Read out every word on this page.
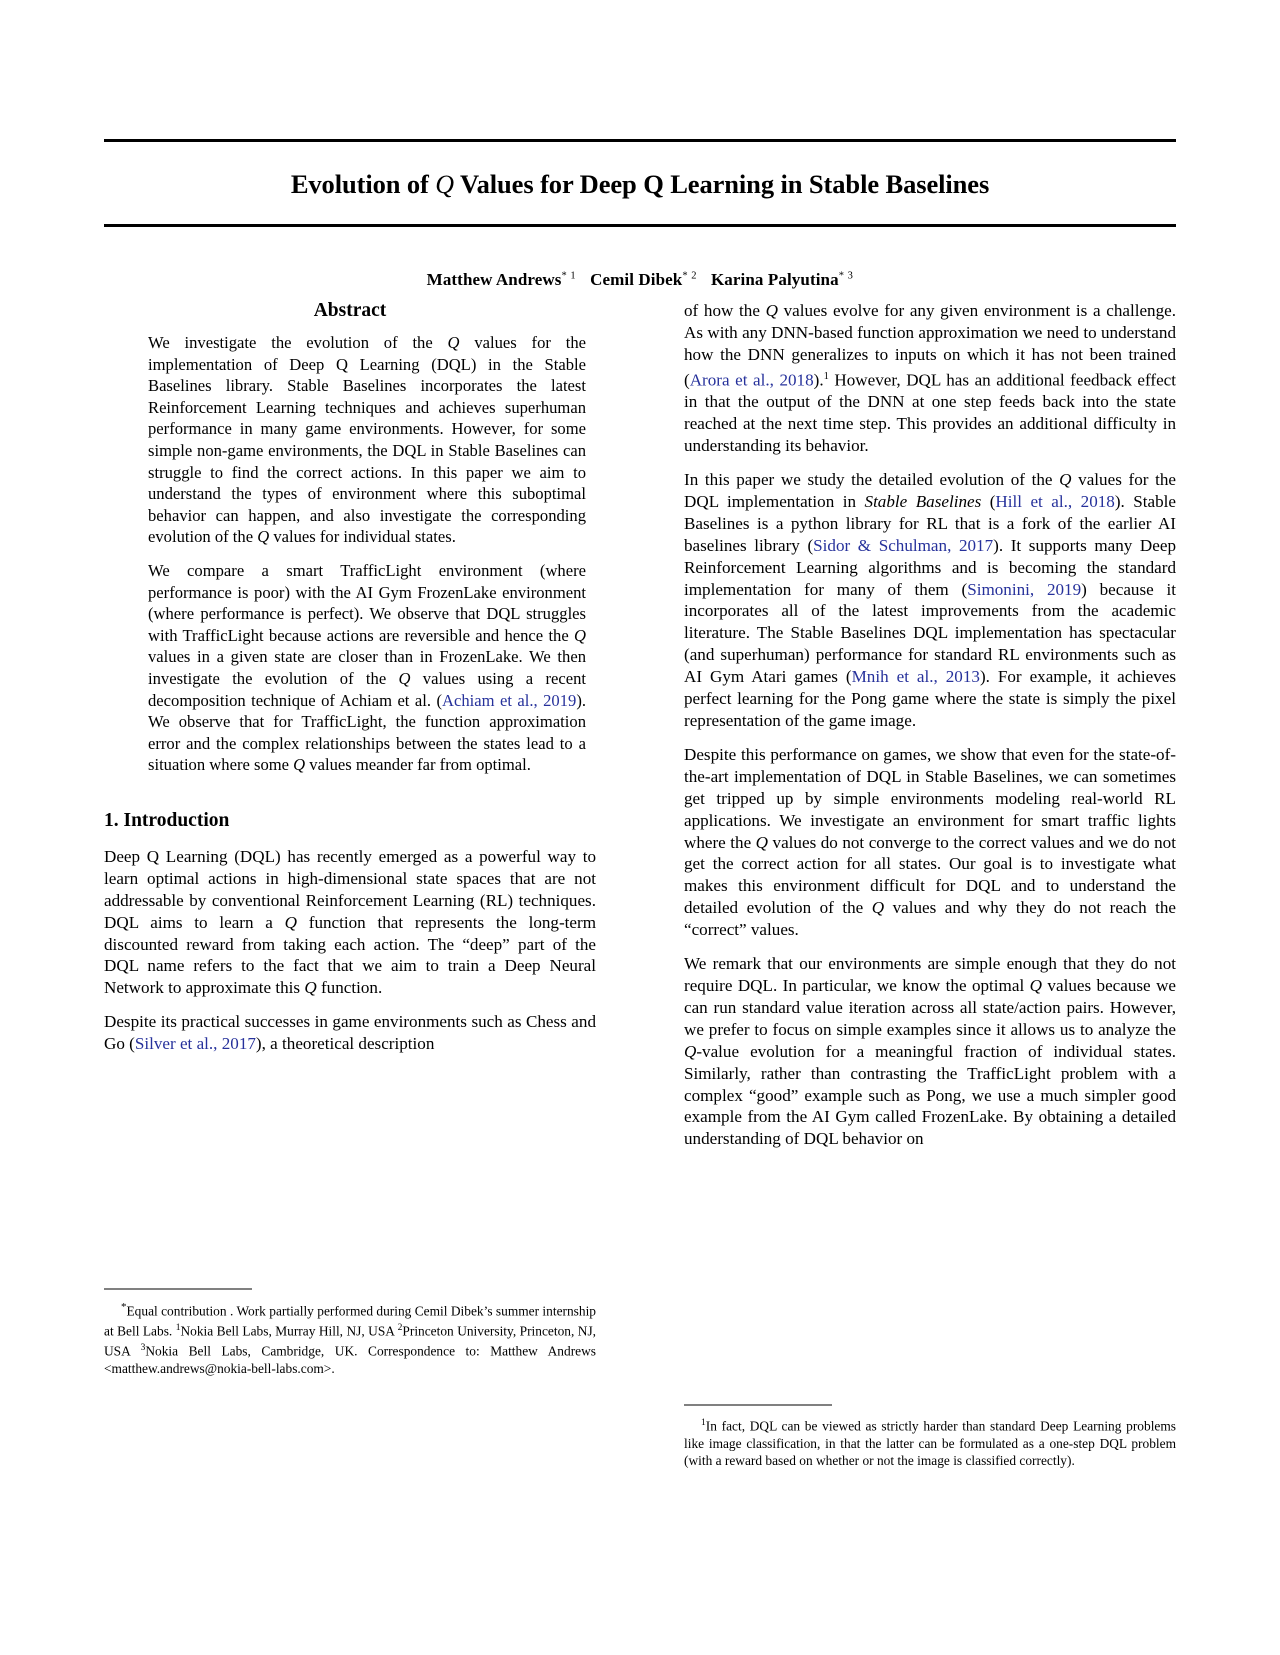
Evolution of Q Values for Deep Q Learning in Stable Baselines
Matthew Andrews$^{* 1}$ Cemil Dibek$^{* 2}$ Karina Palyutina$^{* 3}$
Abstract

We investigate the evolution of the Q values for the implementation of Deep Q Learning (DQL) in the Stable Baselines library. Stable Baselines incorporates the latest Reinforcement Learning techniques and achieves superhuman performance in many game environments. However, for some simple non-game environments, the DQL in Stable Baselines can struggle to find the correct actions. In this paper we aim to understand the types of environment where this suboptimal behavior can happen, and also investigate the corresponding evolution of the Q values for individual states.

We compare a smart TrafficLight environment (where performance is poor) with the AI Gym FrozenLake environment (where performance is perfect). We observe that DQL struggles with TrafficLight because actions are reversible and hence the Q values in a given state are closer than in FrozenLake. We then investigate the evolution of the Q values using a recent decomposition technique of Achiam et al. (Achiam et al., 2019). We observe that for TrafficLight, the function approximation error and the complex relationships between the states lead to a situation where some Q values meander far from optimal.

1. Introduction

Deep Q Learning (DQL) has recently emerged as a powerful way to learn optimal actions in high-dimensional state spaces that are not addressable by conventional Reinforcement Learning (RL) techniques. DQL aims to learn a Q function that represents the long-term discounted reward from taking each action. The “deep” part of the DQL name refers to the fact that we aim to train a Deep Neural Network to approximate this Q function.

Despite its practical successes in game environments such as Chess and Go (Silver et al., 2017), a theoretical description

of how the Q values evolve for any given environment is a challenge. As with any DNN-based function approximation we need to understand how the DNN generalizes to inputs on which it has not been trained (Arora et al., 2018).$^1$ However, DQL has an additional feedback effect in that the output of the DNN at one step feeds back into the state reached at the next time step. This provides an additional difficulty in understanding its behavior.

In this paper we study the detailed evolution of the Q values for the DQL implementation in Stable Baselines (Hill et al., 2018). Stable Baselines is a python library for RL that is a fork of the earlier AI baselines library (Sidor & Schulman, 2017). It supports many Deep Reinforcement Learning algorithms and is becoming the standard implementation for many of them (Simonini, 2019) because it incorporates all of the latest improvements from the academic literature. The Stable Baselines DQL implementation has spectacular (and superhuman) performance for standard RL environments such as AI Gym Atari games (Mnih et al., 2013). For example, it achieves perfect learning for the Pong game where the state is simply the pixel representation of the game image.

Despite this performance on games, we show that even for the state-of-the-art implementation of DQL in Stable Baselines, we can sometimes get tripped up by simple environments modeling real-world RL applications. We investigate an environment for smart traffic lights where the Q values do not converge to the correct values and we do not get the correct action for all states. Our goal is to investigate what makes this environment difficult for DQL and to understand the detailed evolution of the Q values and why they do not reach the “correct” values.

We remark that our environments are simple enough that they do not require DQL. In particular, we know the optimal Q values because we can run standard value iteration across all state/action pairs. However, we prefer to focus on simple examples since it allows us to analyze the Q-value evolution for a meaningful fraction of individual states. Similarly, rather than contrasting the TrafficLight problem with a complex “good” example such as Pong, we use a much simpler good example from the AI Gym called FrozenLake. By obtaining a detailed understanding of DQL behavior on

*Equal contribution . Work partially performed during Cemil Dibek’s summer internship at Bell Labs. $^1$Nokia Bell Labs, Murray Hill, NJ, USA $^2$Princeton University, Princeton, NJ, USA $^3$Nokia Bell Labs, Cambridge, UK. Correspondence to: Matthew Andrews <matthew.andrews@nokia-bell-labs.com>.

$^1$In fact, DQL can be viewed as strictly harder than standard Deep Learning problems like image classification, in that the latter can be formulated as a one-step DQL problem (with a reward based on whether or not the image is classified correctly).
